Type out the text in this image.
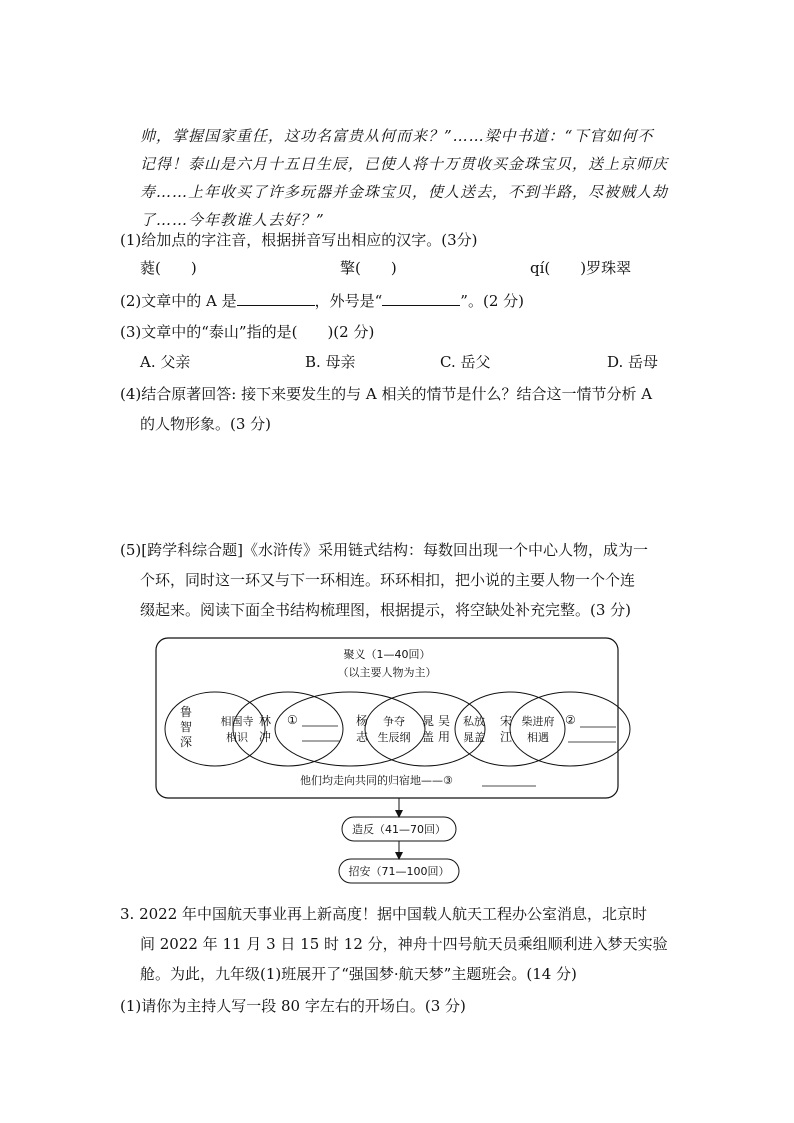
帅，掌握国家重任，这功名富贵从何而来？”……梁中书道：“下官如何不
记得！泰山是六月十五日生辰，已使人将十万贯收买金珠宝贝，送上京师庆
寿……上年收买了许多玩器并金珠宝贝，使人送去，不到半路，尽被贼人劫
了……今年教谁人去好？”
(1)给加点的字注音，根据拼音写出相应的汉字。(3分)
蕤(　　)	擎(　　)	qí(　　)罗珠翠
(2)文章中的 A 是	，外号是“	”。(2 分)
(3)文章中的“泰山”指的是(　　)(2 分)
A. 父亲	B. 母亲	C. 岳父	D. 岳母
(4)结合原著回答: 接下来要发生的与 A 相关的情节是什么？结合这一情节分析 A
的人物形象。(3 分)
(5)[跨学科综合题]《水浒传》采用链式结构：每数回出现一个中心人物，成为一
个环，同时这一环又与下一环相连。环环相扣，把小说的主要人物一个个连
缀起来。阅读下面全书结构梳理图，根据提示，将空缺处补充完整。(3 分)
聚义（1—40回）
（以主要人物为主）
鲁
智
深
相国寺
相识
林
冲
①	杨
志
争夺
生辰纲
晁
盖
吴
用
私放
晁盖
宋
江
柴进府
相遇
②
他们均走向共同的归宿地——③
造反（41—70回）
招安（71—100回）
3. 2022 年中国航天事业再上新高度！据中国载人航天工程办公室消息，北京时
间 2022 年 11 月 3 日 15 时 12 分，神舟十四号航天员乘组顺利进入梦天实验
舱。为此，九年级(1)班展开了“强国梦·航天梦”主题班会。(14 分)
(1)请你为主持人写一段 80 字左右的开场白。(3 分)
